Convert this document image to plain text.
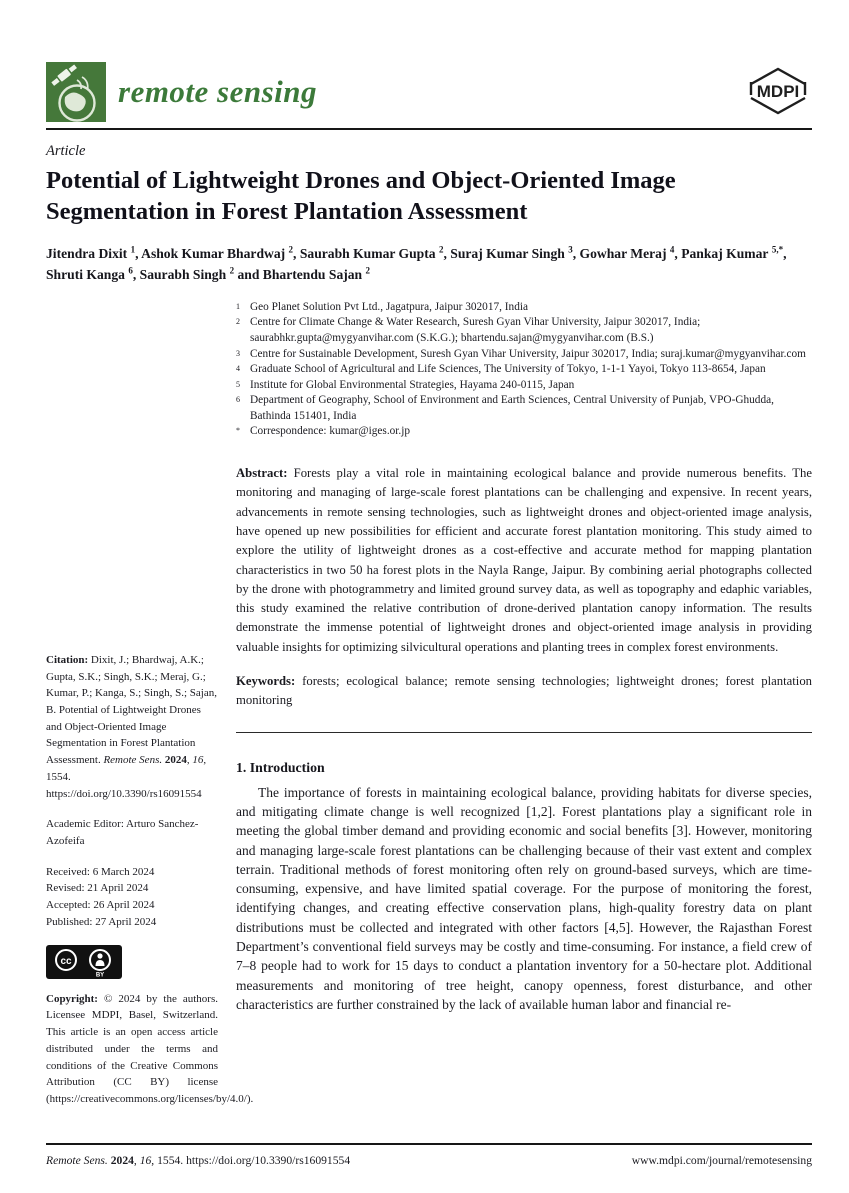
remote sensing	MDPI
Article
Potential of Lightweight Drones and Object-Oriented Image Segmentation in Forest Plantation Assessment

Jitendra Dixit $^1$, Ashok Kumar Bhardwaj $^2$, Saurabh Kumar Gupta $^2$, Suraj Kumar Singh $^3$, Gowhar Meraj $^4$, Pankaj Kumar $^{5,*}$, Shruti Kanga $^6$, Saurabh Singh $^2$ and Bhartendu Sajan $^2$

Citation: Dixit, J.; Bhardwaj, A.K.; Gupta, S.K.; Singh, S.K.; Meraj, G.; Kumar, P.; Kanga, S.; Singh, S.; Sajan, B. Potential of Lightweight Drones and Object-Oriented Image Segmentation in Forest Plantation Assessment. Remote Sens. 2024, 16, 1554. https://doi.org/10.3390/rs16091554

Academic Editor: Arturo Sanchez-Azofeifa

Received: 6 March 2024
Revised: 21 April 2024
Accepted: 26 April 2024
Published: 27 April 2024
cc
BY

Copyright: © 2024 by the authors. Licensee MDPI, Basel, Switzerland. This article is an open access article distributed under the terms and conditions of the Creative Commons Attribution (CC BY) license (https://creativecommons.org/licenses/by/4.0/).

1 Geo Planet Solution Pvt Ltd., Jagatpura, Jaipur 302017, India
2 Centre for Climate Change & Water Research, Suresh Gyan Vihar University, Jaipur 302017, India; saurabhkr.gupta@mygyanvihar.com (S.K.G.); bhartendu.sajan@mygyanvihar.com (B.S.)
3 Centre for Sustainable Development, Suresh Gyan Vihar University, Jaipur 302017, India; suraj.kumar@mygyanvihar.com
4 Graduate School of Agricultural and Life Sciences, The University of Tokyo, 1-1-1 Yayoi, Tokyo 113-8654, Japan
5 Institute for Global Environmental Strategies, Hayama 240-0115, Japan
6 Department of Geography, School of Environment and Earth Sciences, Central University of Punjab, VPO-Ghudda, Bathinda 151401, India
* Correspondence: kumar@iges.or.jp

Abstract: Forests play a vital role in maintaining ecological balance and provide numerous benefits. The monitoring and managing of large-scale forest plantations can be challenging and expensive. In recent years, advancements in remote sensing technologies, such as lightweight drones and object-oriented image analysis, have opened up new possibilities for efficient and accurate forest plantation monitoring. This study aimed to explore the utility of lightweight drones as a cost-effective and accurate method for mapping plantation characteristics in two 50 ha forest plots in the Nayla Range, Jaipur. By combining aerial photographs collected by the drone with photogrammetry and limited ground survey data, as well as topography and edaphic variables, this study examined the relative contribution of drone-derived plantation canopy information. The results demonstrate the immense potential of lightweight drones and object-oriented image analysis in providing valuable insights for optimizing silvicultural operations and planting trees in complex forest environments.

Keywords: forests; ecological balance; remote sensing technologies; lightweight drones; forest plantation monitoring

1. Introduction

The importance of forests in maintaining ecological balance, providing habitats for diverse species, and mitigating climate change is well recognized [1,2]. Forest plantations play a significant role in meeting the global timber demand and providing economic and social benefits [3]. However, monitoring and managing large-scale forest plantations can be challenging because of their vast extent and complex terrain. Traditional methods of forest monitoring often rely on ground-based surveys, which are time-consuming, expensive, and have limited spatial coverage. For the purpose of monitoring the forest, identifying changes, and creating effective conservation plans, high-quality forestry data on plant distributions must be collected and integrated with other factors [4,5]. However, the Rajasthan Forest Department’s conventional field surveys may be costly and time-consuming. For instance, a field crew of 7–8 people had to work for 15 days to conduct a plantation inventory for a 50-hectare plot. Additional measurements and monitoring of tree height, canopy openness, forest disturbance, and other characteristics are further constrained by the lack of available human labor and financial re-

Remote Sens. 2024, 16, 1554. https://doi.org/10.3390/rs16091554	www.mdpi.com/journal/remotesensing
